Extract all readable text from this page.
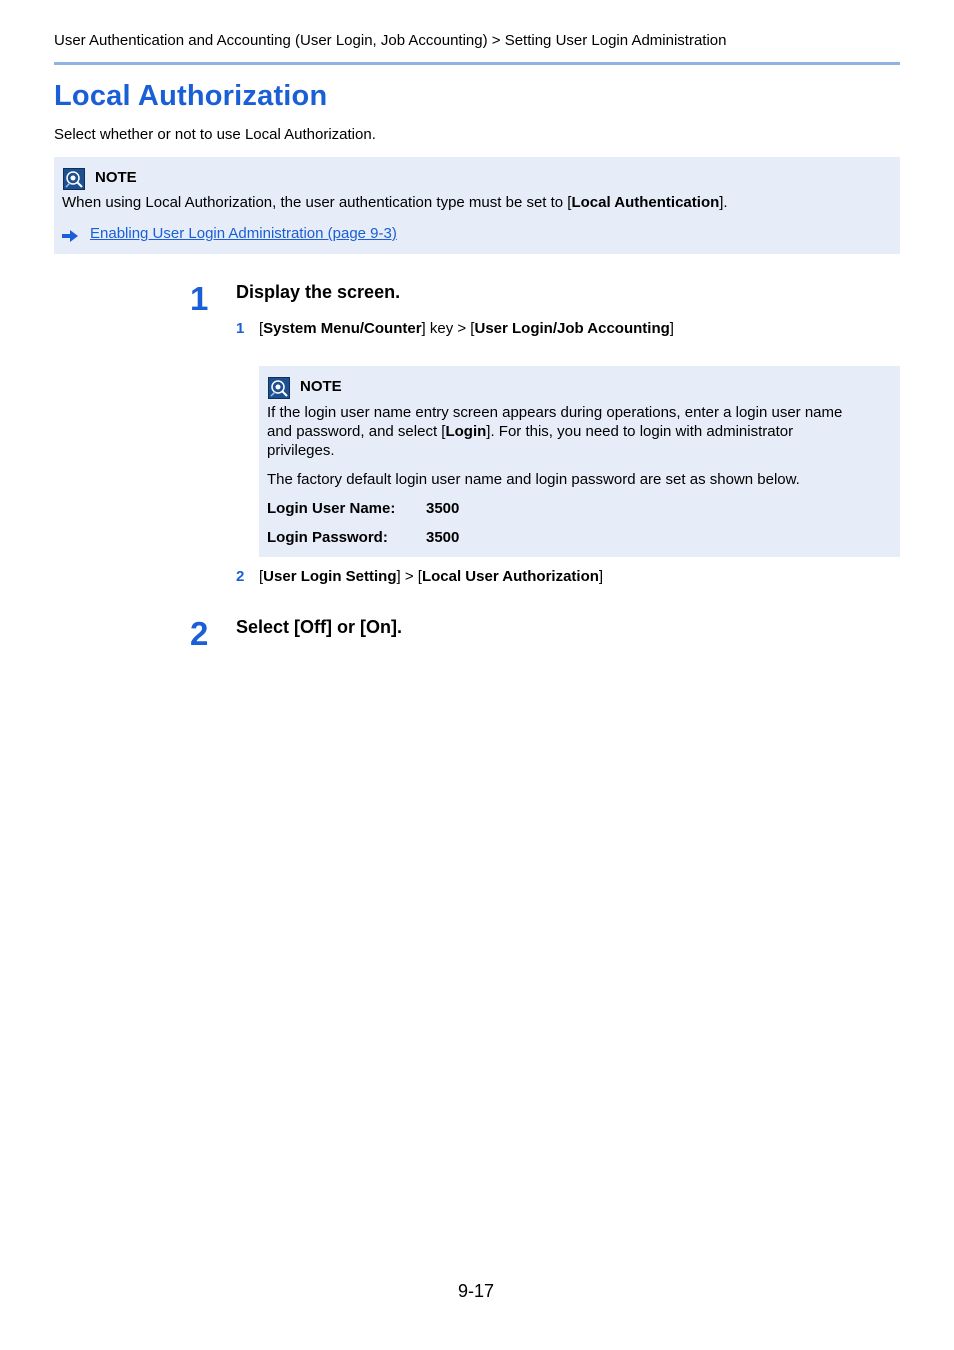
User Authentication and Accounting (User Login, Job Accounting) > Setting User Login Administration
Local Authorization
Select whether or not to use Local Authorization.
NOTE
When using Local Authorization, the user authentication type must be set to [Local Authentication].
Enabling User Login Administration (page 9-3)
1 Display the screen.
1 [System Menu/Counter] key > [User Login/Job Accounting]
NOTE
If the login user name entry screen appears during operations, enter a login user name
and password, and select [Login]. For this, you need to login with administrator
privileges.
The factory default login user name and login password are set as shown below.
Login User Name: 3500
Login Password:	3500
2 [User Login Setting] > [Local User Authorization]
2 Select [Off] or [On].
9-17
